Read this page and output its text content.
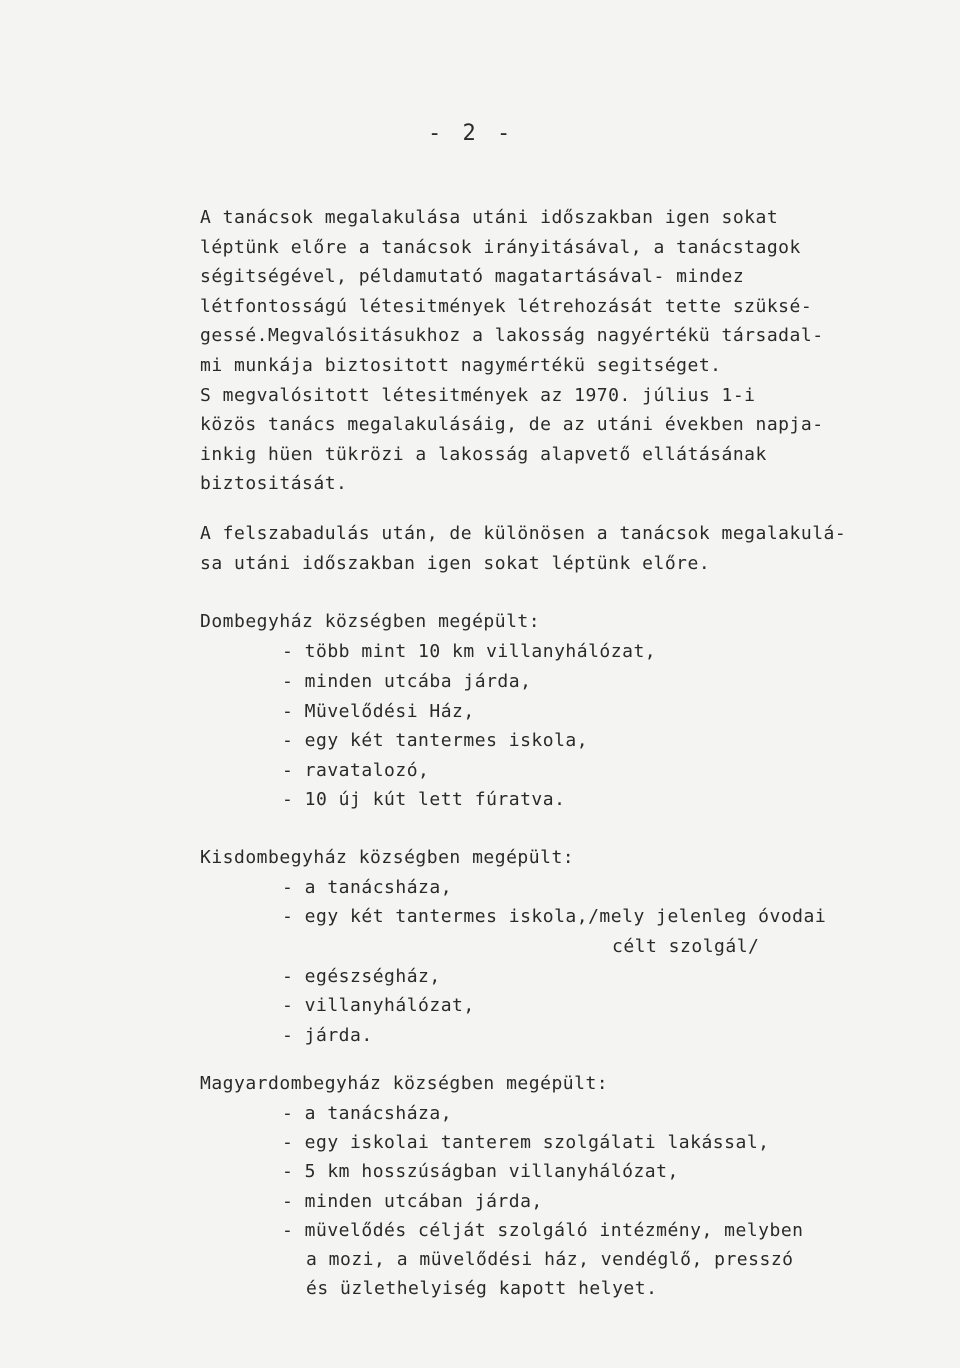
- 2 -
A tanácsok megalakulása utáni időszakban igen sokat
léptünk előre a tanácsok irányitásával, a tanácstagok
ségitségével, példamutató magatartásával- mindez
létfontosságú létesitmények létrehozását tette szüksé-
gessé.Megvalósitásukhoz a lakosság nagyértékü társadal-
mi munkája biztositott nagymértékü segitséget.
S megvalósitott létesitmények az 1970. július 1-i
közös tanács megalakulásáig, de az utáni években napja-
inkig hüen tükrözi a lakosság alapvető ellátásának
biztositását.
A felszabadulás után, de különösen a tanácsok megalakulá-
sa utáni időszakban igen sokat léptünk előre.
Dombegyház községben megépült:
- több mint 10 km villanyhálózat,
- minden utcába járda,
- Müvelődési Ház,
- egy két tantermes iskola,
- ravatalozó,
- 10 új kút lett fúratva.
Kisdombegyház községben megépült:
- a tanácsháza,
- egy két tantermes iskola,/mely jelenleg óvodai
célt szolgál/
- egészségház,
- villanyhálózat,
- járda.
Magyardombegyház községben megépült:
- a tanácsháza,
- egy iskolai tanterem szolgálati lakással,
- 5 km hosszúságban villanyhálózat,
- minden utcában járda,
- müvelődés célját szolgáló intézmény, melyben
a mozi, a müvelődési ház, vendéglő, presszó
és üzlethelyiség kapott helyet.
